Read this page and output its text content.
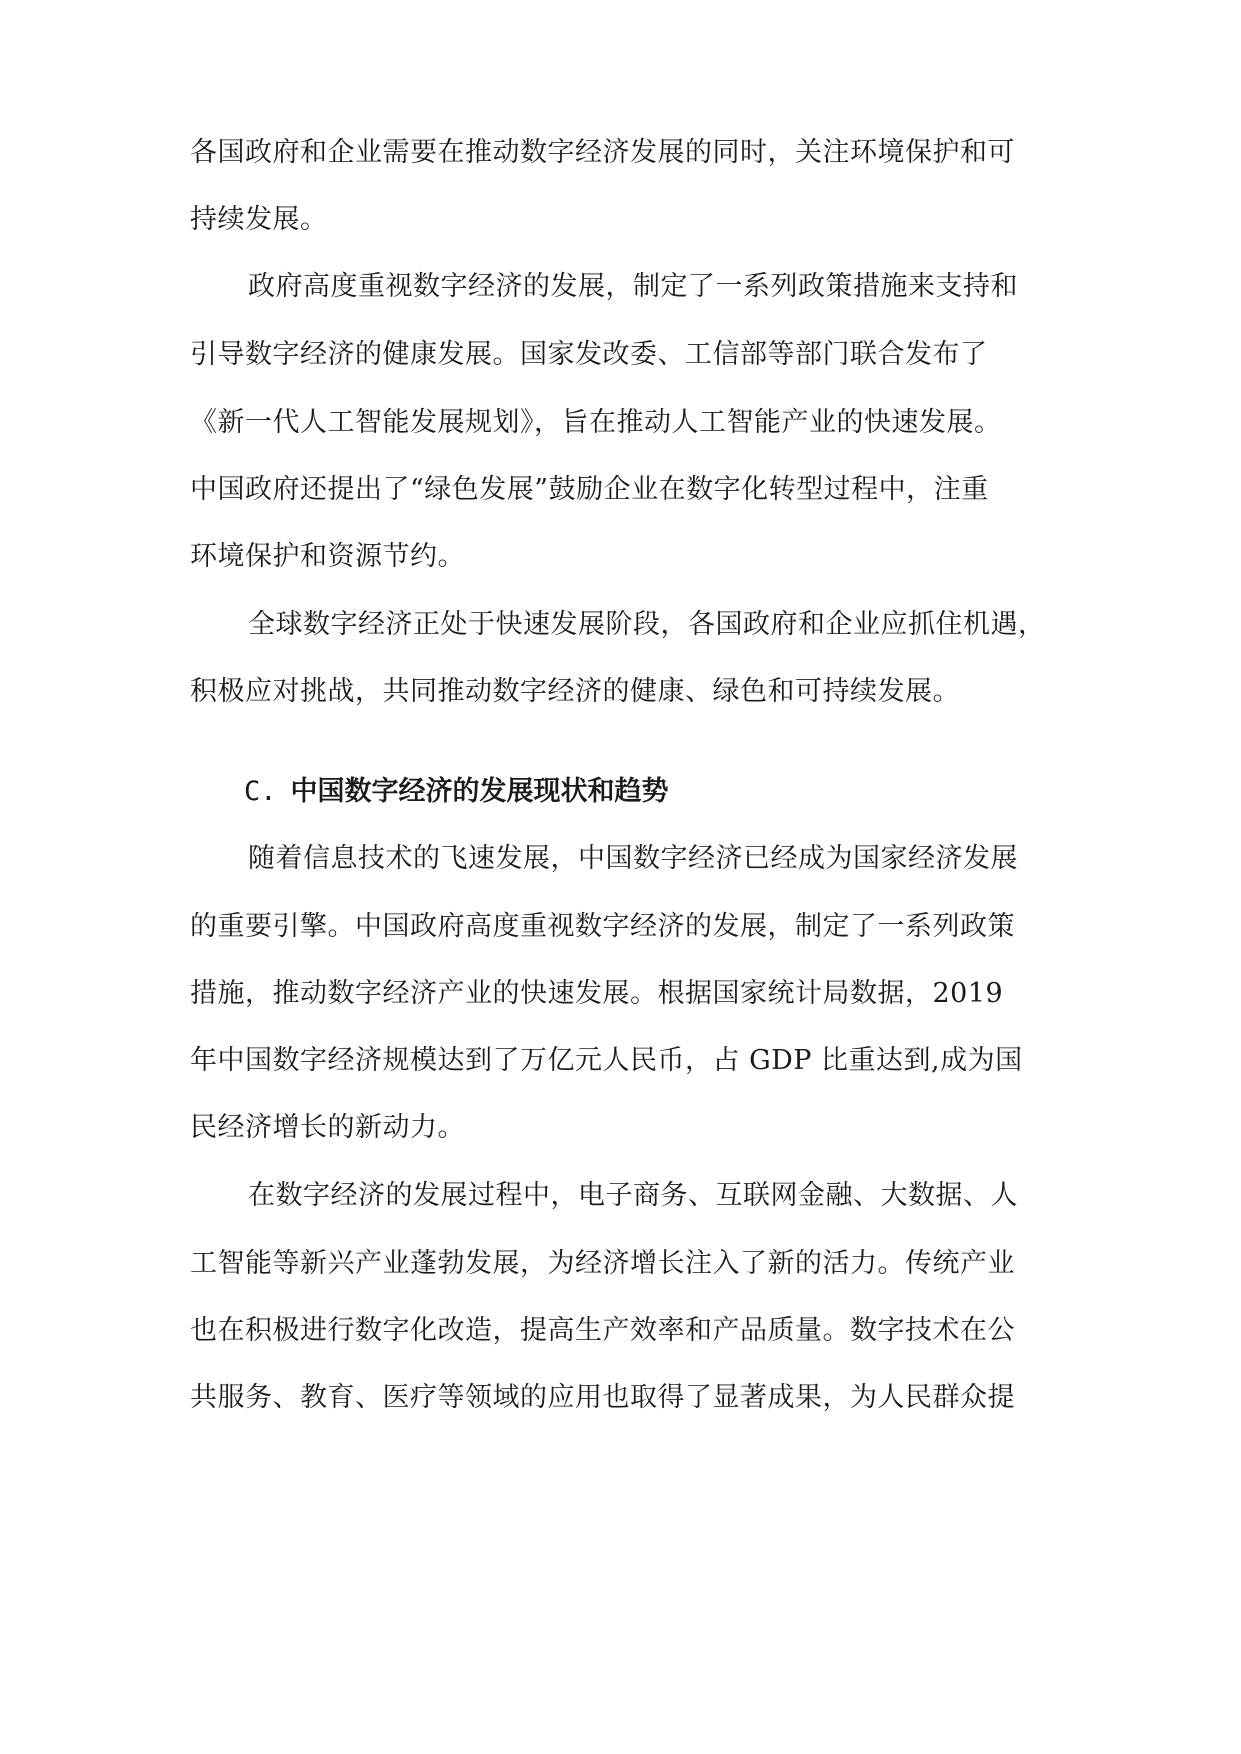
各国政府和企业需要在推动数字经济发展的同时，关注环境保护和可
持续发展。
政府高度重视数字经济的发展，制定了一系列政策措施来支持和
引导数字经济的健康发展。国家发改委、工信部等部门联合发布了
《新一代人工智能发展规划》，旨在推动人工智能产业的快速发展。
中国政府还提出了“绿色发展”鼓励企业在数字化转型过程中，注重
环境保护和资源节约。
全球数字经济正处于快速发展阶段，各国政府和企业应抓住机遇，
积极应对挑战，共同推动数字经济的健康、绿色和可持续发展。
C. 中国数字经济的发展现状和趋势
随着信息技术的飞速发展，中国数字经济已经成为国家经济发展
的重要引擎。中国政府高度重视数字经济的发展，制定了一系列政策
措施，推动数字经济产业的快速发展。根据国家统计局数据，2019
年中国数字经济规模达到了万亿元人民币，占 GDP 比重达到,成为国
民经济增长的新动力。
在数字经济的发展过程中，电子商务、互联网金融、大数据、人
工智能等新兴产业蓬勃发展，为经济增长注入了新的活力。传统产业
也在积极进行数字化改造，提高生产效率和产品质量。数字技术在公
共服务、教育、医疗等领域的应用也取得了显著成果，为人民群众提
